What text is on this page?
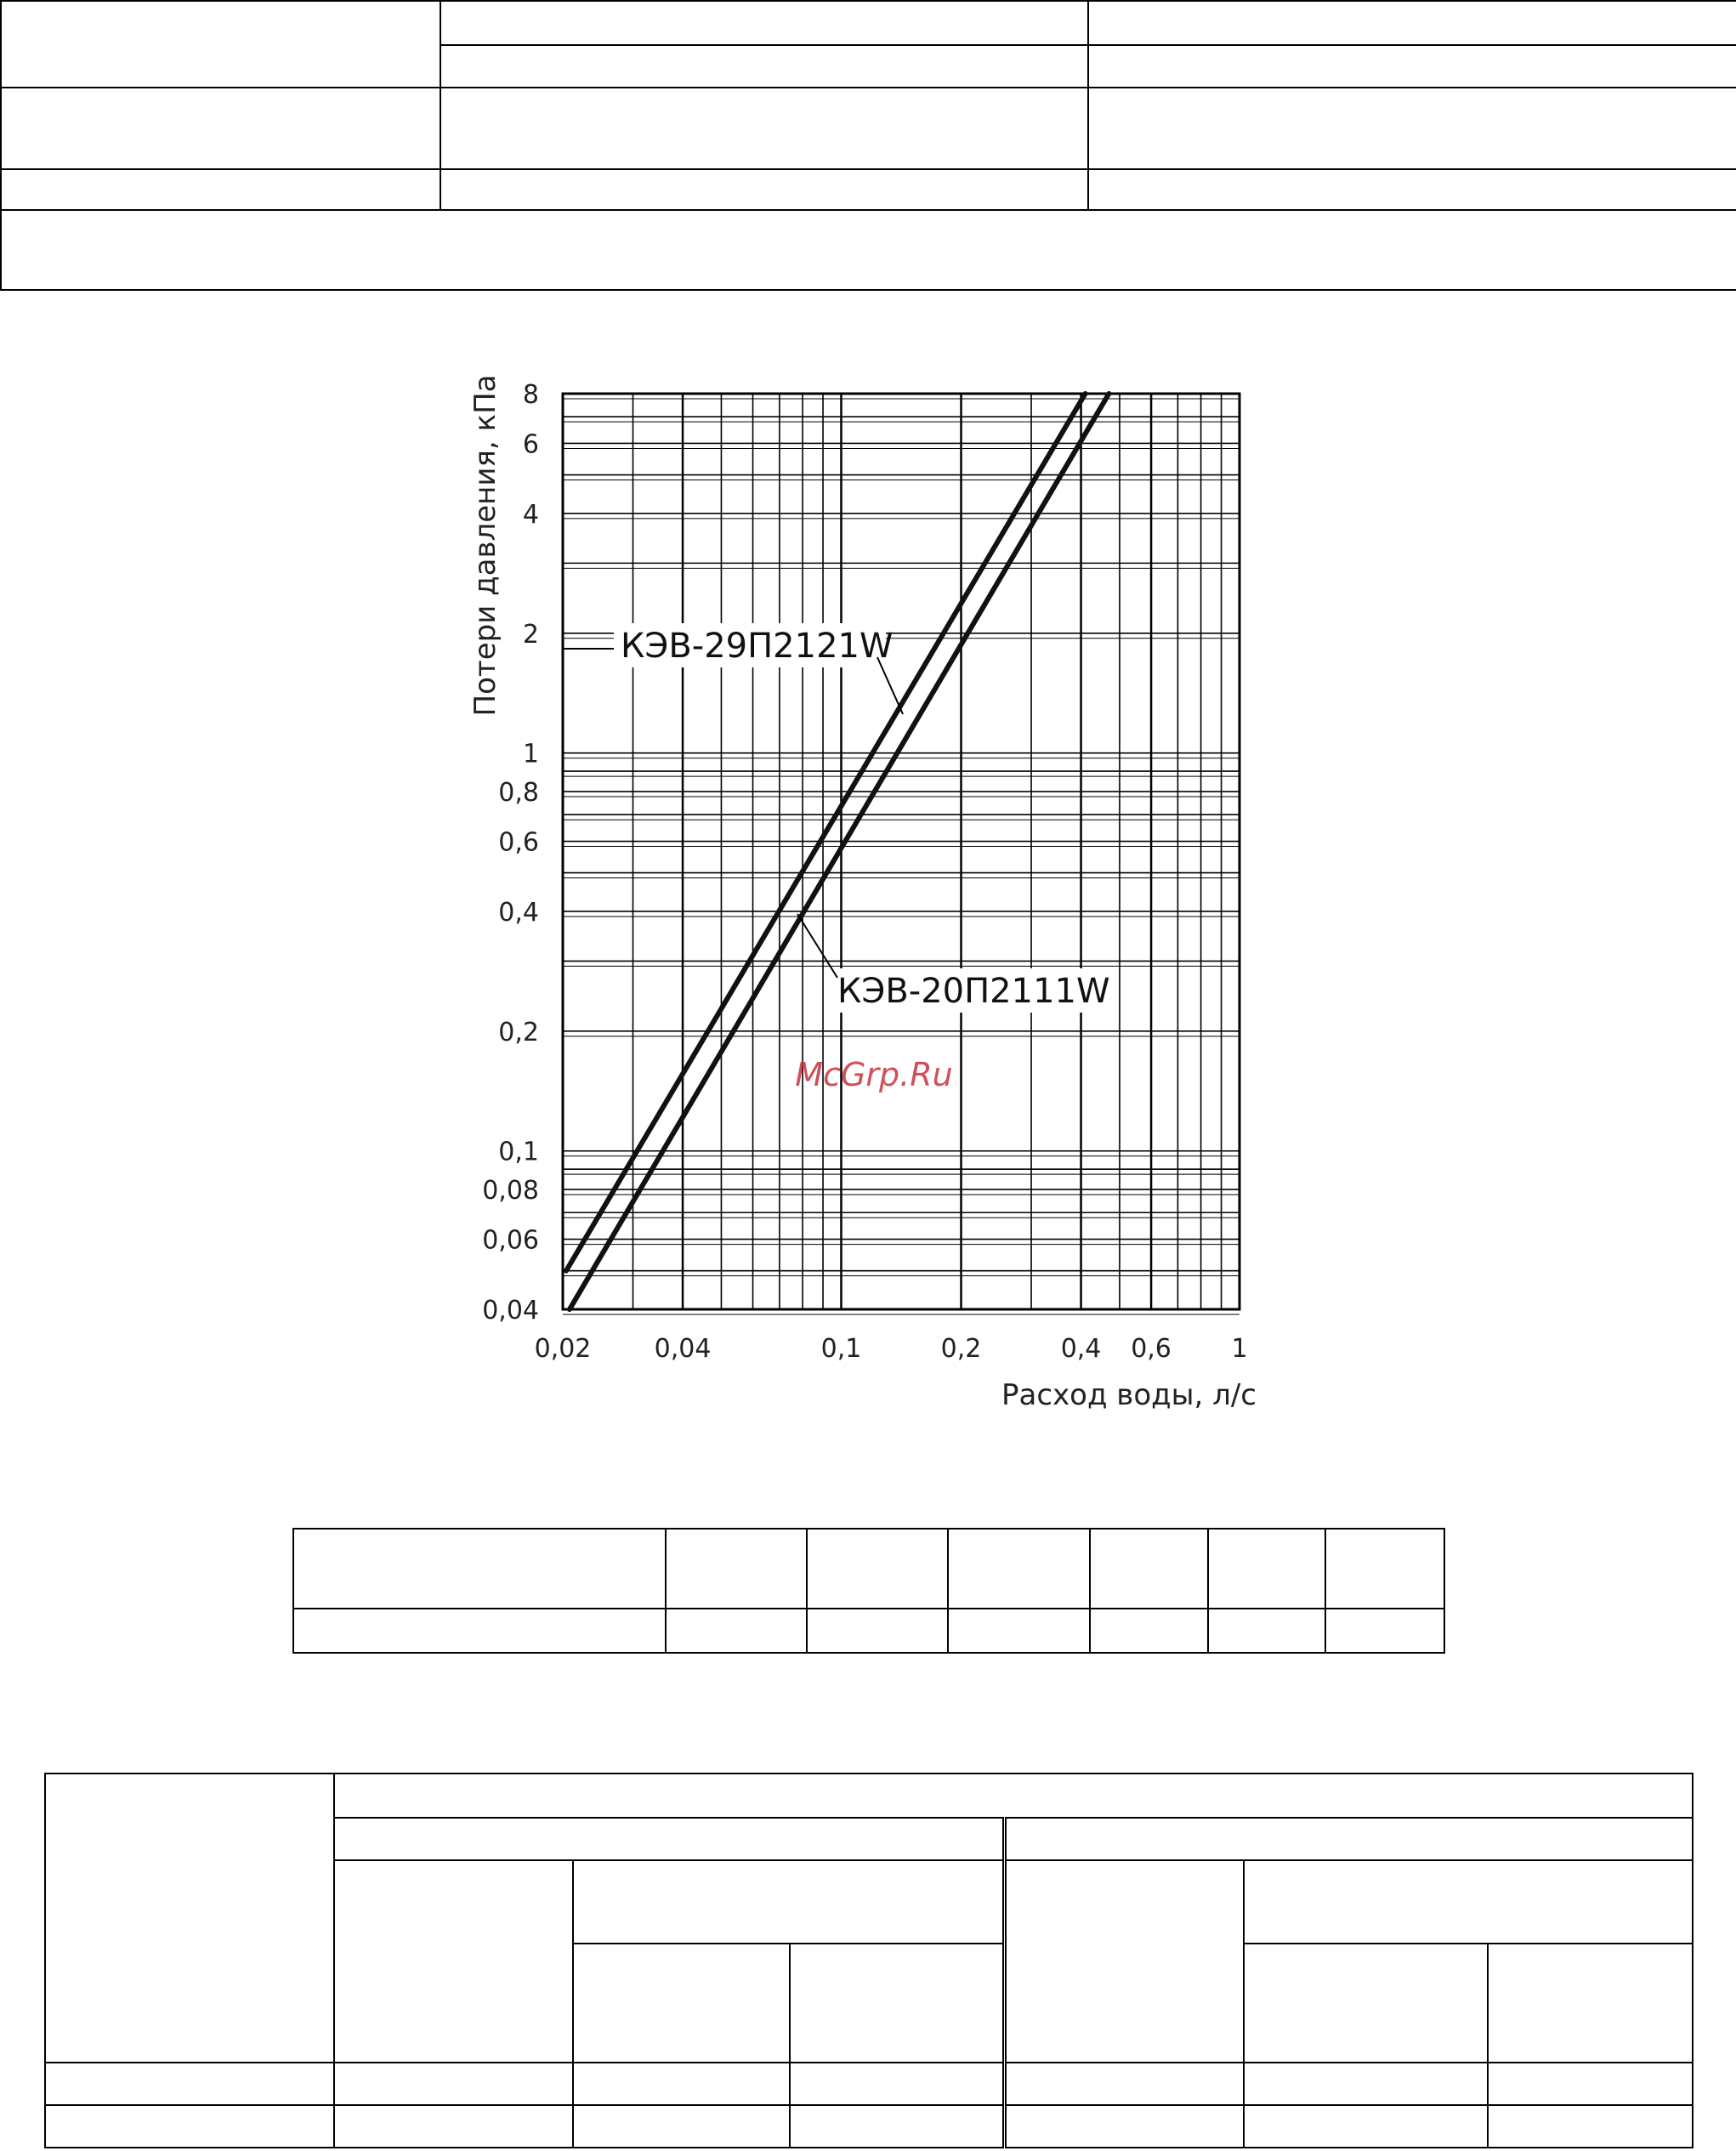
0,02 0,04	0,1	0,2	0,4 0,6 1
0,04
0,06
0,08
0,1
0,2
0,4
0,6
0,8
1
2
4
6
8
КЭВ-29П2121W
КЭВ-20П2111W
Потери давления, кПа
Расход воды, л/с
McGrp.Ru
